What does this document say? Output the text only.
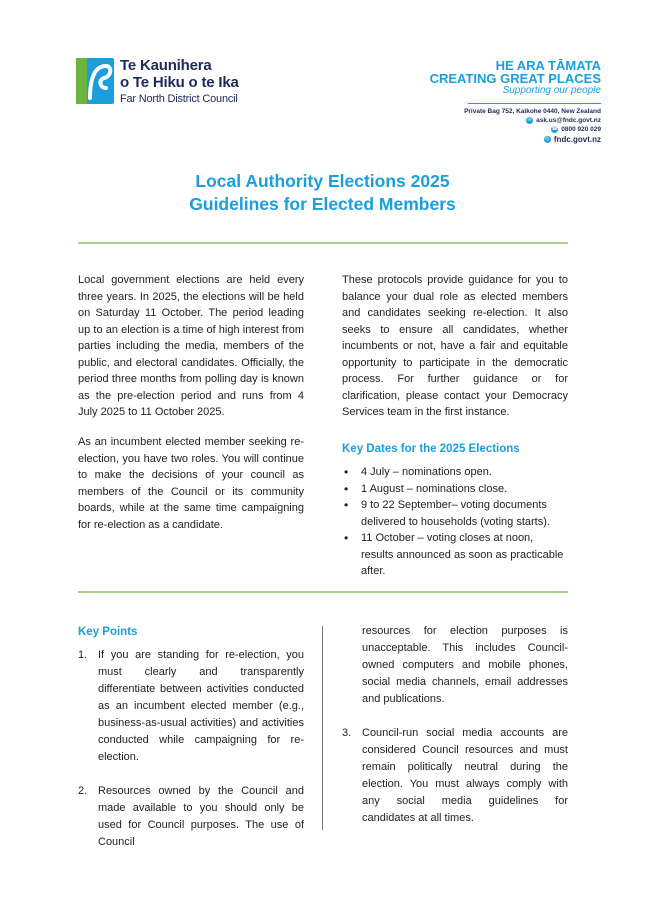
Te Kaunihera
o Te Hiku o te Ika
Far North District Council
HE ARA TĀMATA
CREATING GREAT PLACES
Supporting our people
Private Bag 752, Kaikohe 0440, New Zealand
✉ ask.us@fndc.govt.nz
☎ 0800 920 029
◎ fndc.govt.nz
Local Authority Elections 2025
Guidelines for Elected Members
Local government elections are held every three years. In 2025, the elections will be held on Saturday 11 October. The period leading up to an election is a time of high interest from parties including the media, members of the public, and electoral candidates. Officially, the period three months from polling day is known as the pre-election period and runs from 4 July 2025 to 11 October 2025.
As an incumbent elected member seeking re-election, you have two roles. You will continue to make the decisions of your council as members of the Council or its community boards, while at the same time campaigning for re-election as a candidate.
These protocols provide guidance for you to balance your dual role as elected members and candidates seeking re-election. It also seeks to ensure all candidates, whether incumbents or not, have a fair and equitable opportunity to participate in the democratic process. For further guidance or for clarification, please contact your Democracy Services team in the first instance.
Key Dates for the 2025 Elections
• 4 July – nominations open.
• 1 August – nominations close.
• 9 to 22 September– voting documents delivered to households (voting starts).
• 11 October – voting closes at noon, results announced as soon as practicable after.
Key Points
1. If you are standing for re-election, you must clearly and transparently differentiate between activities conducted as an incumbent elected member (e.g., business-as-usual activities) and activities conducted while campaigning for re-election.
2. Resources owned by the Council and made available to you should only be used for Council purposes. The use of Council
resources for election purposes is unacceptable. This includes Council-owned computers and mobile phones, social media channels, email addresses and publications.
3. Council-run social media accounts are considered Council resources and must remain politically neutral during the election. You must always comply with any social media guidelines for candidates at all times.
